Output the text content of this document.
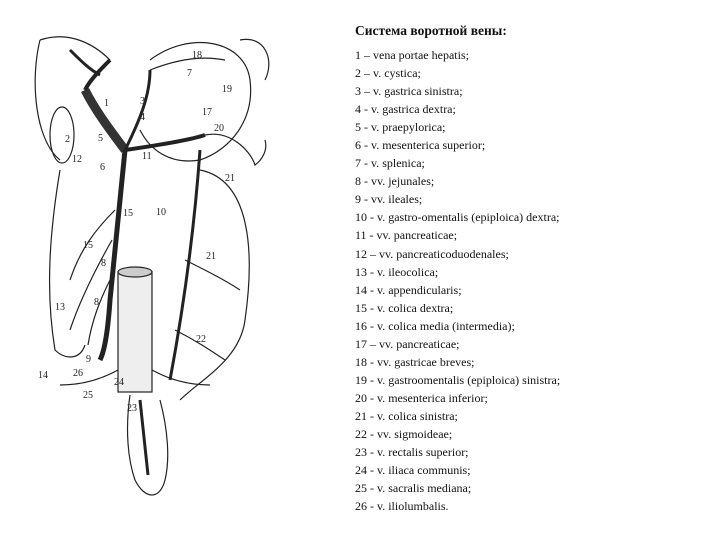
18
7
19
1	3
4	17
20
2	5
12
6
11
21
15 10
15
8
21
13	8
9
22
14	26
24
25
23
Система воротной вены:
1 – vena portae hepatis;
2 – v. cystica;
3 – v. gastrica sinistra;
4 - v. gastrica dextra;
5 - v. praepylorica;
6 - v. mesenterica superior;
7 - v. splenica;
8 - vv. jejunales;
9 - vv. ileales;
10 - v. gastro-omentalis (epiploica) dextra;
11 - vv. pancreaticae;
12 – vv. pancreaticoduodenales;
13 - v. ileocolica;
14 - v. appendicularis;
15 - v. colica dextra;
16 - v. colica media (intermedia);
17 – vv. pancreaticae;
18 - vv. gastricae breves;
19 - v. gastroomentalis (epiploica) sinistra;
20 - v. mesenterica inferior;
21 - v. colica sinistra;
22 - vv. sigmoideae;
23 - v. rectalis superior;
24 - v. iliaca communis;
25 - v. sacralis mediana;
26 - v. iliolumbalis.
